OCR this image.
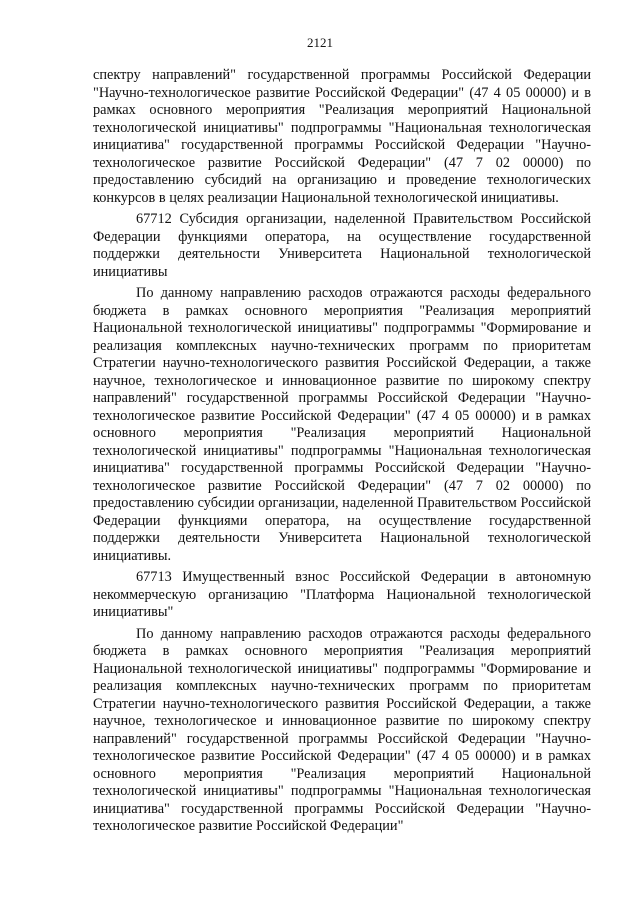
2121

спектру направлений" государственной программы Российской Федерации "Научно-технологическое развитие Российской Федерации" (47 4 05 00000) и в рамках основного мероприятия "Реализация мероприятий Национальной технологической инициативы" подпрограммы "Национальная технологическая инициатива" государственной программы Российской Федерации "Научно-технологическое развитие Российской Федерации" (47 7 02 00000) по предоставлению субсидий на организацию и проведение технологических конкурсов в целях реализации Национальной технологической инициативы.

67712 Субсидия организации, наделенной Правительством Российской Федерации функциями оператора, на осуществление государственной поддержки деятельности Университета Национальной технологической инициативы

По данному направлению расходов отражаются расходы федерального бюджета в рамках основного мероприятия "Реализация мероприятий Национальной технологической инициативы" подпрограммы "Формирование и реализация комплексных научно-технических программ по приоритетам Стратегии научно-технологического развития Российской Федерации, а также научное, технологическое и инновационное развитие по широкому спектру направлений" государственной программы Российской Федерации "Научно-технологическое развитие Российской Федерации" (47 4 05 00000) и в рамках основного мероприятия "Реализация мероприятий Национальной технологической инициативы" подпрограммы "Национальная технологическая инициатива" государственной программы Российской Федерации "Научно-технологическое развитие Российской Федерации" (47 7 02 00000) по предоставлению субсидии организации, наделенной Правительством Российской Федерации функциями оператора, на осуществление государственной поддержки деятельности Университета Национальной технологической инициативы.

67713 Имущественный взнос Российской Федерации в автономную некоммерческую организацию "Платформа Национальной технологической инициативы"

По данному направлению расходов отражаются расходы федерального бюджета в рамках основного мероприятия "Реализация мероприятий Национальной технологической инициативы" подпрограммы "Формирование и реализация комплексных научно-технических программ по приоритетам Стратегии научно-технологического развития Российской Федерации, а также научное, технологическое и инновационное развитие по широкому спектру направлений" государственной программы Российской Федерации "Научно-технологическое развитие Российской Федерации" (47 4 05 00000) и в рамках основного мероприятия "Реализация мероприятий Национальной технологической инициативы" подпрограммы "Национальная технологическая инициатива" государственной программы Российской Федерации "Научно-технологическое развитие Российской Федерации"
